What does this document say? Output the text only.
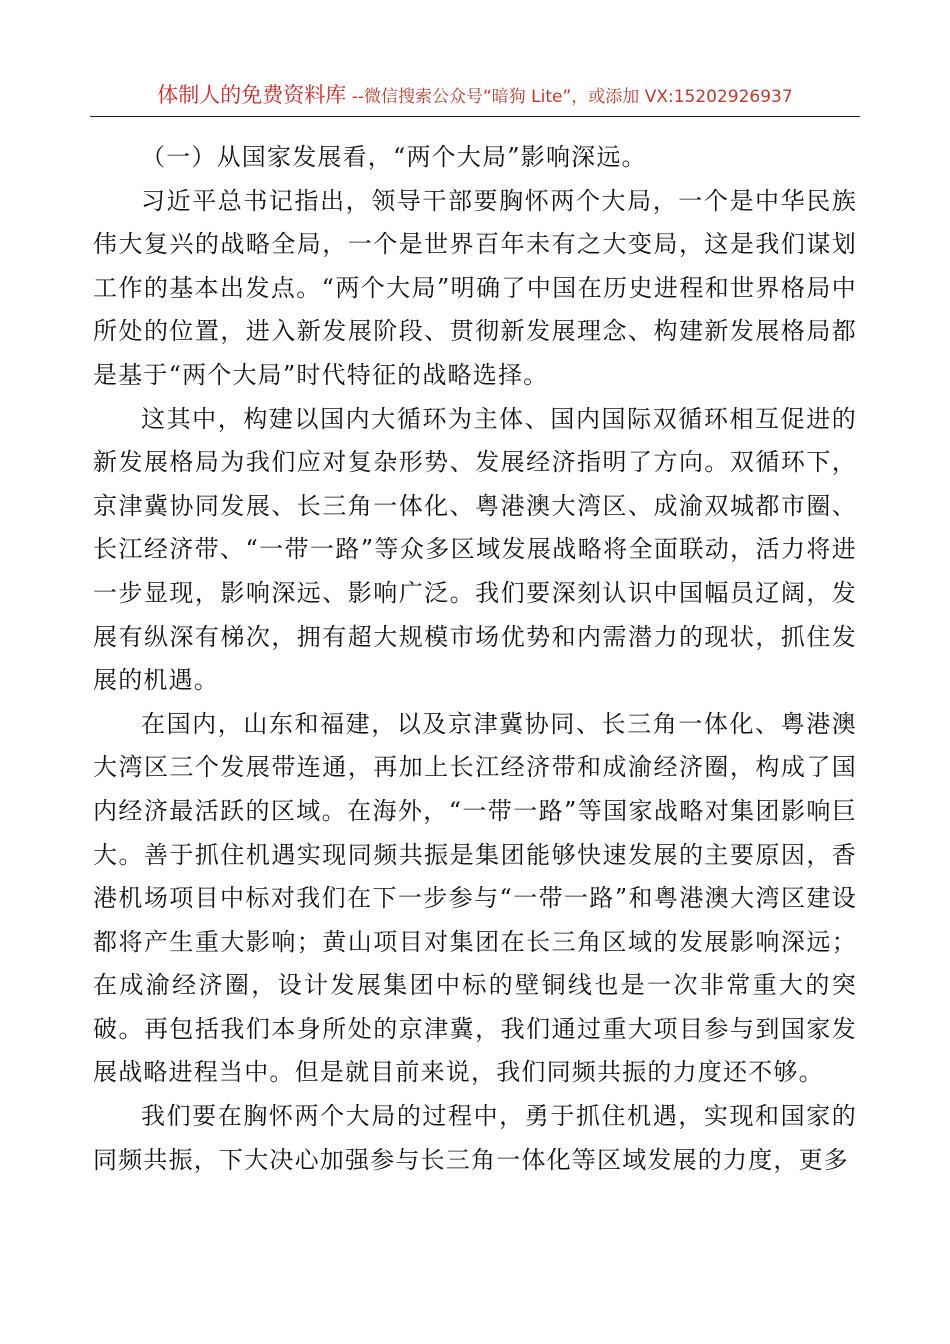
体制人的免费资料库 --微信搜索公众号“暗狗 Lite”，或添加 VX:15202926937

（一）从国家发展看，“两个大局”影响深远。

习近平总书记指出，领导干部要胸怀两个大局，一个是中华民族伟大复兴的战略全局，一个是世界百年未有之大变局，这是我们谋划工作的基本出发点。“两个大局”明确了中国在历史进程和世界格局中所处的位置，进入新发展阶段、贯彻新发展理念、构建新发展格局都是基于“两个大局”时代特征的战略选择。

这其中，构建以国内大循环为主体、国内国际双循环相互促进的新发展格局为我们应对复杂形势、发展经济指明了方向。双循环下，京津冀协同发展、长三角一体化、粤港澳大湾区、成渝双城都市圈、长江经济带、“一带一路”等众多区域发展战略将全面联动，活力将进一步显现，影响深远、影响广泛。我们要深刻认识中国幅员辽阔，发展有纵深有梯次，拥有超大规模市场优势和内需潜力的现状，抓住发展的机遇。

在国内，山东和福建，以及京津冀协同、长三角一体化、粤港澳大湾区三个发展带连通，再加上长江经济带和成渝经济圈，构成了国内经济最活跃的区域。在海外，“一带一路”等国家战略对集团影响巨大。善于抓住机遇实现同频共振是集团能够快速发展的主要原因，香港机场项目中标对我们在下一步参与“一带一路”和粤港澳大湾区建设都将产生重大影响；黄山项目对集团在长三角区域的发展影响深远；在成渝经济圈，设计发展集团中标的壁铜线也是一次非常重大的突破。再包括我们本身所处的京津冀，我们通过重大项目参与到国家发展战略进程当中。但是就目前来说，我们同频共振的力度还不够。

我们要在胸怀两个大局的过程中，勇于抓住机遇，实现和国家的同频共振，下大决心加强参与长三角一体化等区域发展的力度，更多
